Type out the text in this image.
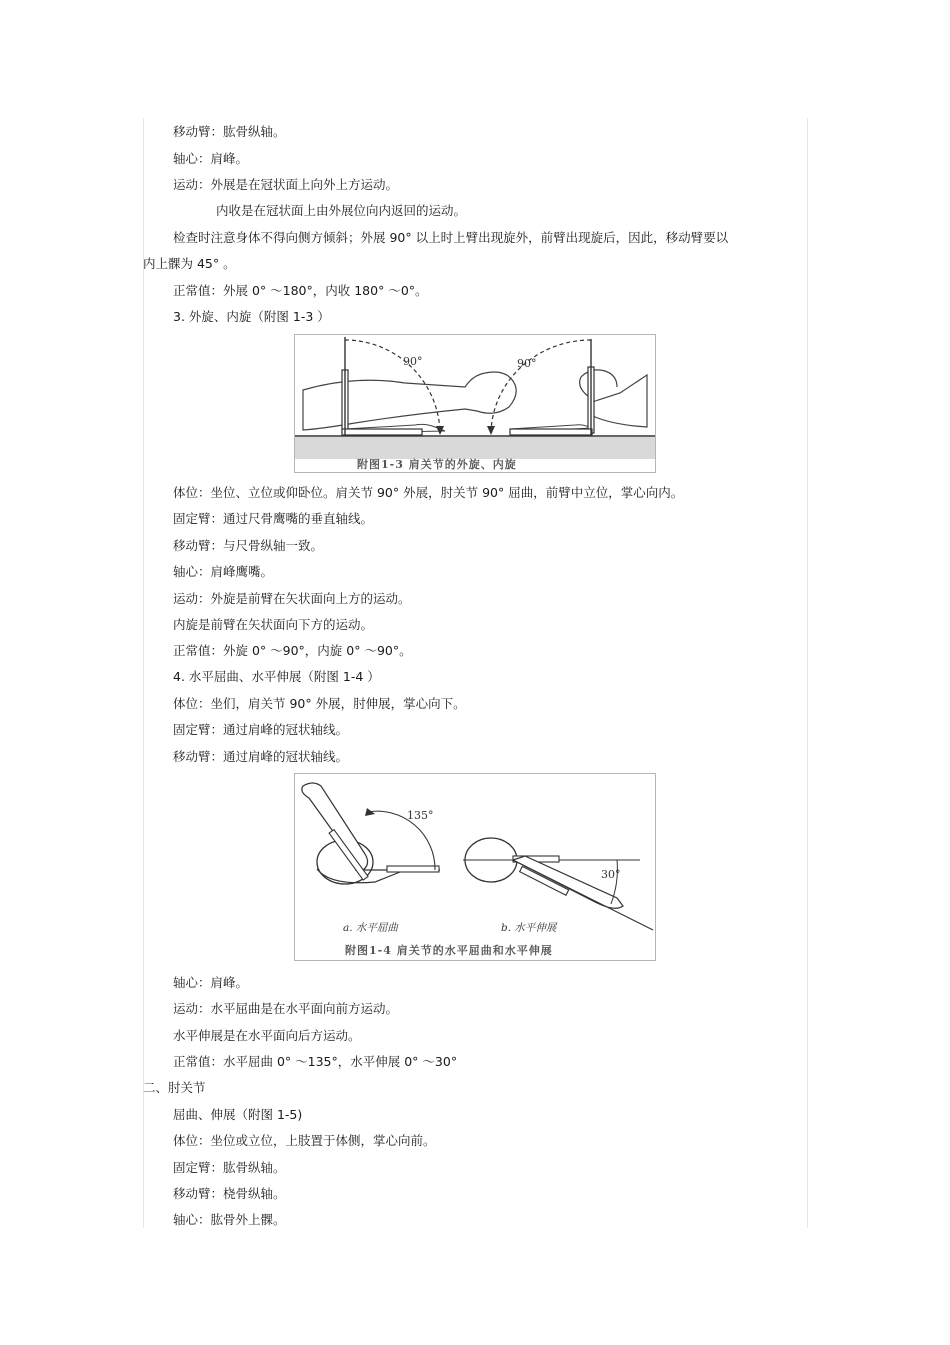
移动臂：肱骨纵轴。
轴心：肩峰。
运动：外展是在冠状面上向外上方运动。
内收是在冠状面上由外展位向内返回的运动。
检查时注意身体不得向侧方倾斜；外展 90° 以上时上臂出现旋外，前臂出现旋后，因此，移动臂要以
内上髁为 45° 。
正常值：外展 0° ～180°，内收 180° ～0°。
3. 外旋、内旋（附图 1-3 ）
90°	90°
附图1-3 肩关节的外旋、内旋
体位：坐位、立位或仰卧位。肩关节 90° 外展，肘关节 90° 屈曲，前臂中立位，掌心向内。
固定臂：通过尺骨鹰嘴的垂直轴线。
移动臂：与尺骨纵轴一致。
轴心：肩峰鹰嘴。
运动：外旋是前臂在矢状面向上方的运动。
内旋是前臂在矢状面向下方的运动。
正常值：外旋 0° ～90°，内旋 0° ～90°。
4. 水平屈曲、水平伸展（附图 1-4 ）
体位：坐们，肩关节 90° 外展，肘伸展，掌心向下。
固定臂：通过肩峰的冠状轴线。
移动臂：通过肩峰的冠状轴线。
135°
30°
a. 水平屈曲	b. 水平伸展
附图1-4 肩关节的水平屈曲和水平伸展
轴心：肩峰。
运动：水平屈曲是在水平面向前方运动。
水平伸展是在水平面向后方运动。
正常值：水平屈曲 0° ～135°，水平伸展 0° ～30°
二、肘关节
屈曲、伸展（附图 1-5)
体位：坐位或立位，上肢置于体侧，掌心向前。
固定臂：肱骨纵轴。
移动臂：桡骨纵轴。
轴心：肱骨外上髁。
